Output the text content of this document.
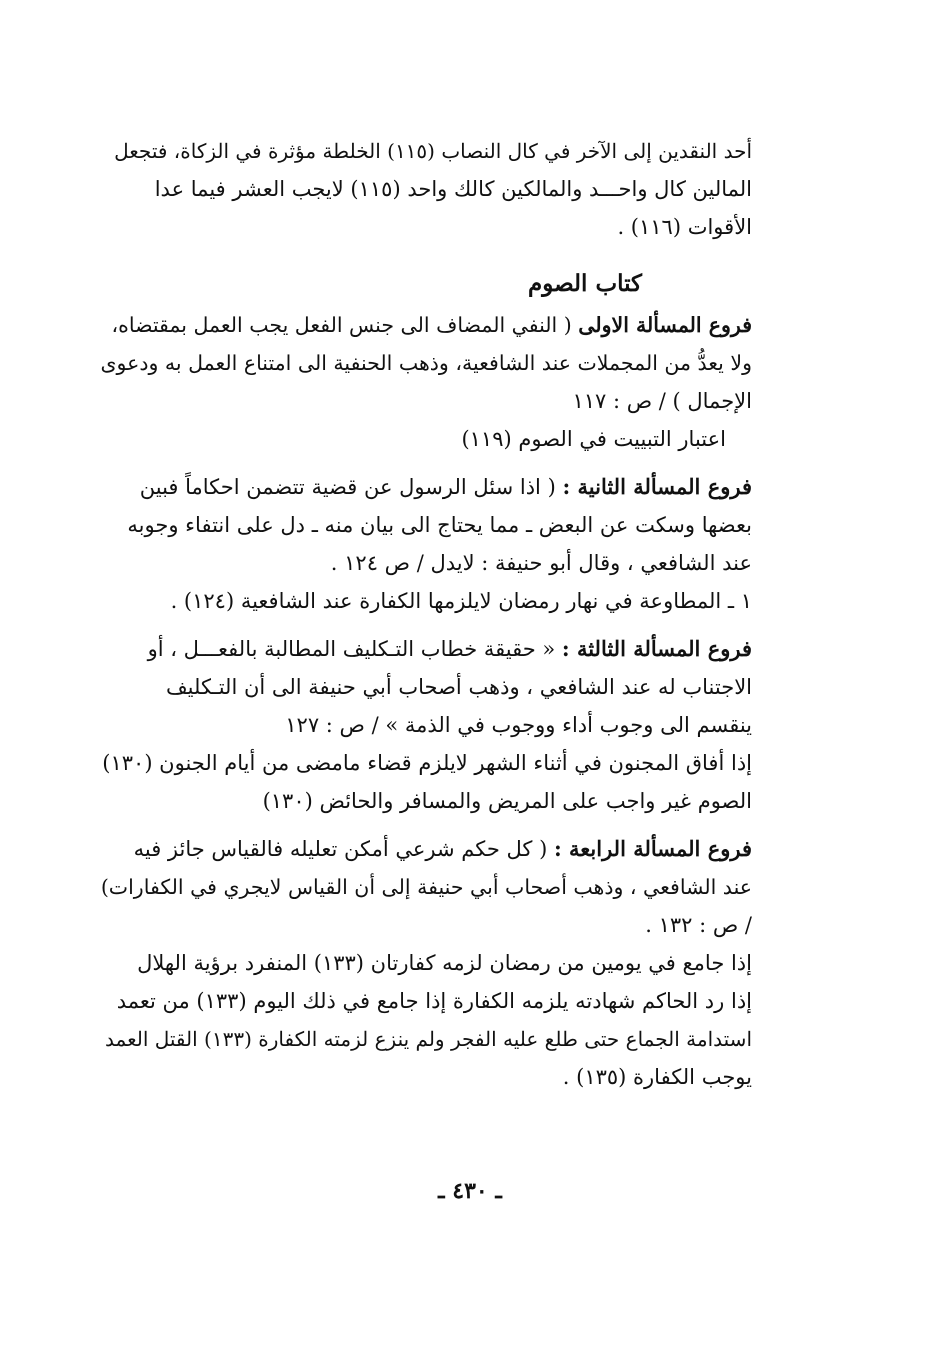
أحد النقدين إلى الآخر في كال النصاب (١١٥) الخلطة مؤثرة في الزكاة، فتجعل
المالين كال واحـــد والمالكين كالك واحد (١١٥) لايجب العشر فيما عدا
الأقوات (١١٦) .
كتاب الصوم
فروع المسألة الاولى ( النفي المضاف الى جنس الفعل يجب العمل بمقتضاه،
ولا يعدُّ من المجملات عند الشافعية، وذهب الحنفية الى امتناع العمل به ودعوى
الإجمال ) / ص : ١١٧
اعتبار التبييت في الصوم (١١٩)
فروع المسألة الثانية : ( اذا سئل الرسول عن قضية تتضمن احكاماً فبين
بعضها وسكت عن البعض ـ مما يحتاج الى بيان منه ـ دل على انتفاء وجوبه
عند الشافعي ، وقال أبو حنيفة : لايدل / ص ١٢٤ .
١ ـ المطاوعة في نهار رمضان لايلزمها الكفارة عند الشافعية (١٢٤) .
فروع المسألة الثالثة : « حقيقة خطاب التـكليف المطالبة بالفعـــل ، أو
الاجتناب له عند الشافعي ، وذهب أصحاب أبي حنيفة الى أن التـكليف
ينقسم الى وجوب أداء ووجوب في الذمة » / ص : ١٢٧
إذا أفاق المجنون في أثناء الشهر لايلزم قضاء مامضى من أيام الجنون (١٣٠)
الصوم غير واجب على المريض والمسافر والحائض (١٣٠)
فروع المسألة الرابعة : ( كل حكم شرعي أمكن تعليله فالقياس جائز فيه
عند الشافعي ، وذهب أصحاب أبي حنيفة إلى أن القياس لايجري في الكفارات)
/ ص : ١٣٢ .
إذا جامع في يومين من رمضان لزمه كفارتان (١٣٣) المنفرد برؤية الهلال
إذا رد الحاكم شهادته يلزمه الكفارة إذا جامع في ذلك اليوم (١٣٣) من تعمد
استدامة الجماع حتى طلع عليه الفجر ولم ينزع لزمته الكفارة (١٣٣) القتل العمد
يوجب الكفارة (١٣٥) .
ـ ٤٣٠ ـ
